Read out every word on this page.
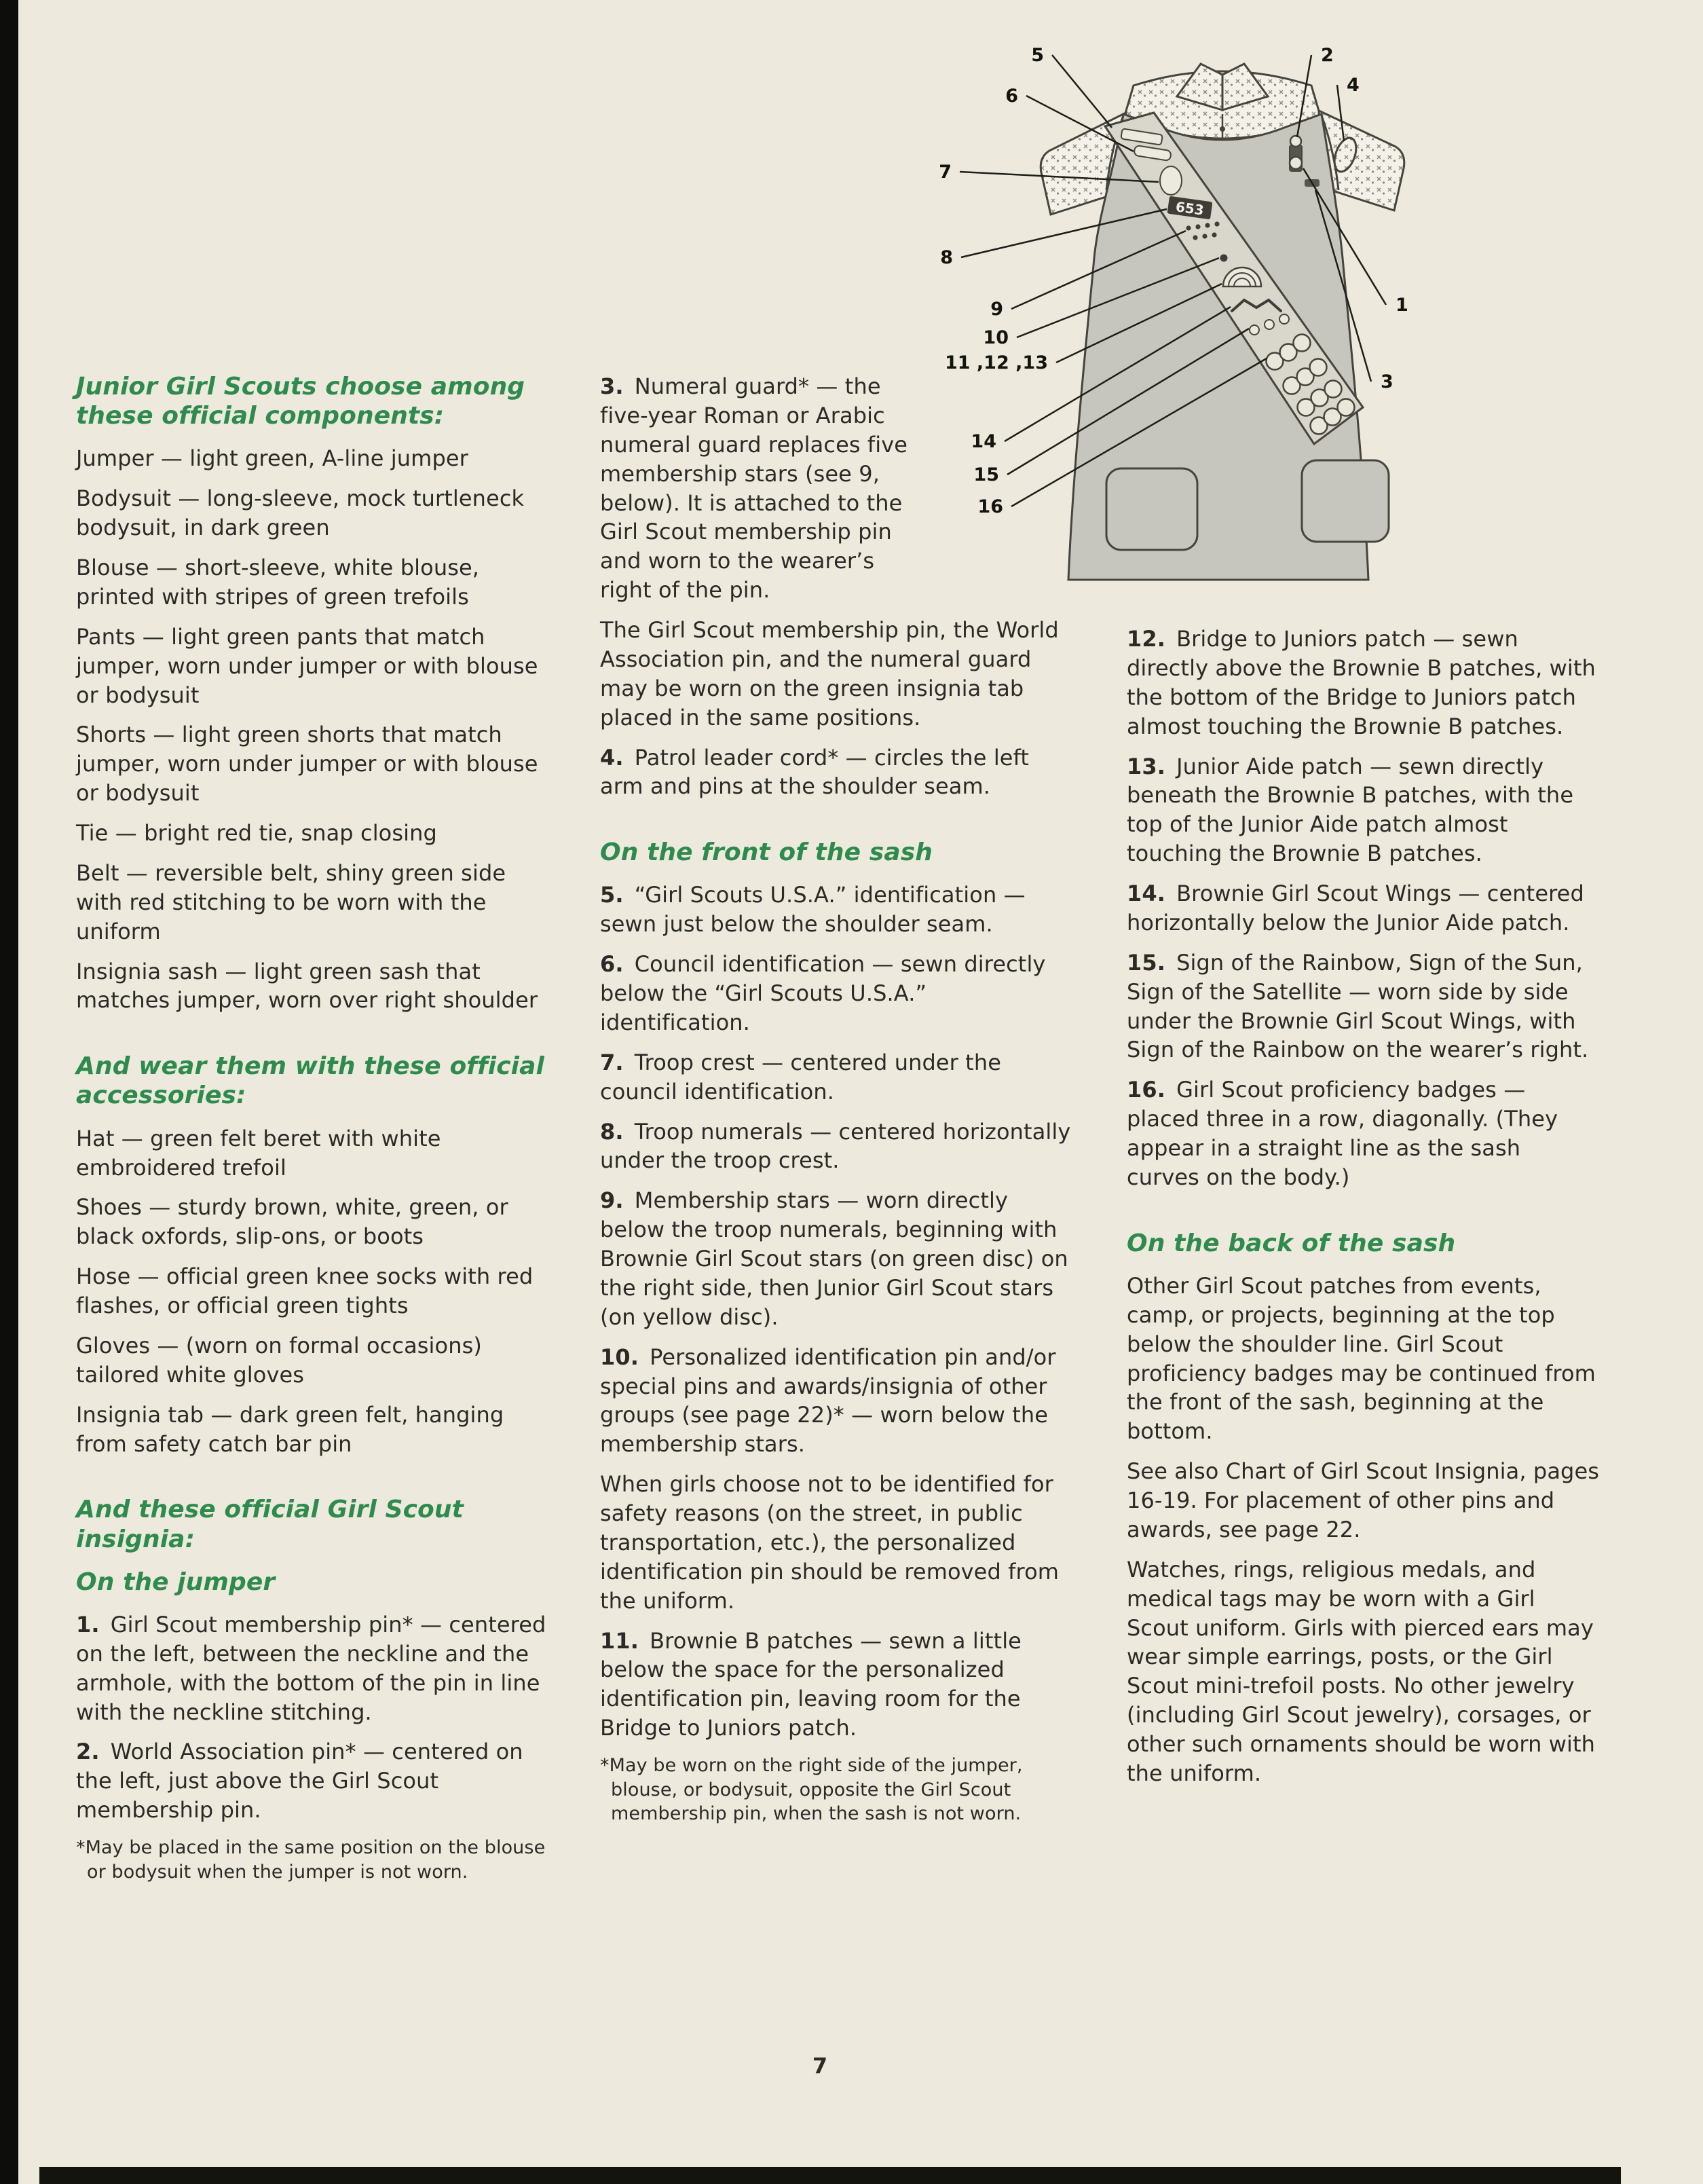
653
5	2
6
4
7
8
1
9
10
11 ,12 ,13
3
14
15
16
Junior Girl Scouts choose among these official components:

Jumper — light green, A-line jumper

Bodysuit — long-sleeve, mock turtleneck bodysuit, in dark green

Blouse — short-sleeve, white blouse, printed with stripes of green trefoils

Pants — light green pants that match jumper, worn under jumper or with blouse or bodysuit

Shorts — light green shorts that match jumper, worn under jumper or with blouse or bodysuit

Tie — bright red tie, snap closing

Belt — reversible belt, shiny green side with red stitching to be worn with the uniform

Insignia sash — light green sash that matches jumper, worn over right shoulder

And wear them with these official accessories:

Hat — green felt beret with white embroidered trefoil

Shoes — sturdy brown, white, green, or black oxfords, slip-ons, or boots

Hose — official green knee socks with red flashes, or official green tights

Gloves — (worn on formal occasions) tailored white gloves

Insignia tab — dark green felt, hanging from safety catch bar pin

And these official Girl Scout insignia:
On the jumper

1. Girl Scout membership pin* — centered on the left, between the neckline and the armhole, with the bottom of the pin in line with the neckline stitching.

2. World Association pin* — centered on the left, just above the Girl Scout membership pin.

*May be placed in the same position on the blouse or bodysuit when the jumper is not worn.

3. Numeral guard* — the five-year Roman or Arabic numeral guard replaces five membership stars (see 9, below). It is attached to the Girl Scout membership pin and worn to the wearer’s right of the pin.

The Girl Scout membership pin, the World Association pin, and the numeral guard may be worn on the green insignia tab placed in the same positions.

4. Patrol leader cord* — circles the left arm and pins at the shoulder seam.

On the front of the sash

5. “Girl Scouts U.S.A.” identification — sewn just below the shoulder seam.

6. Council identification — sewn directly below the “Girl Scouts U.S.A.” identification.

7. Troop crest — centered under the council identification.

8. Troop numerals — centered horizontally under the troop crest.

9. Membership stars — worn directly below the troop numerals, beginning with Brownie Girl Scout stars (on green disc) on the right side, then Junior Girl Scout stars (on yellow disc).

10. Personalized identification pin and/or special pins and awards/insignia of other groups (see page 22)* — worn below the membership stars.

When girls choose not to be identified for safety reasons (on the street, in public transportation, etc.), the personalized identification pin should be removed from the uniform.

11. Brownie B patches — sewn a little below the space for the personalized identification pin, leaving room for the Bridge to Juniors patch.

*May be worn on the right side of the jumper, blouse, or bodysuit, opposite the Girl Scout membership pin, when the sash is not worn.

12. Bridge to Juniors patch — sewn directly above the Brownie B patches, with the bottom of the Bridge to Juniors patch almost touching the Brownie B patches.

13. Junior Aide patch — sewn directly beneath the Brownie B patches, with the top of the Junior Aide patch almost touching the Brownie B patches.

14. Brownie Girl Scout Wings — centered horizontally below the Junior Aide patch.

15. Sign of the Rainbow, Sign of the Sun, Sign of the Satellite — worn side by side under the Brownie Girl Scout Wings, with Sign of the Rainbow on the wearer’s right.

16. Girl Scout proficiency badges — placed three in a row, diagonally. (They appear in a straight line as the sash curves on the body.)

On the back of the sash

Other Girl Scout patches from events, camp, or projects, beginning at the top below the shoulder line. Girl Scout proficiency badges may be continued from the front of the sash, beginning at the bottom.

See also Chart of Girl Scout Insignia, pages 16-19. For placement of other pins and awards, see page 22.

Watches, rings, religious medals, and medical tags may be worn with a Girl Scout uniform. Girls with pierced ears may wear simple earrings, posts, or the Girl Scout mini-trefoil posts. No other jewelry (including Girl Scout jewelry), corsages, or other such ornaments should be worn with the uniform.

7
